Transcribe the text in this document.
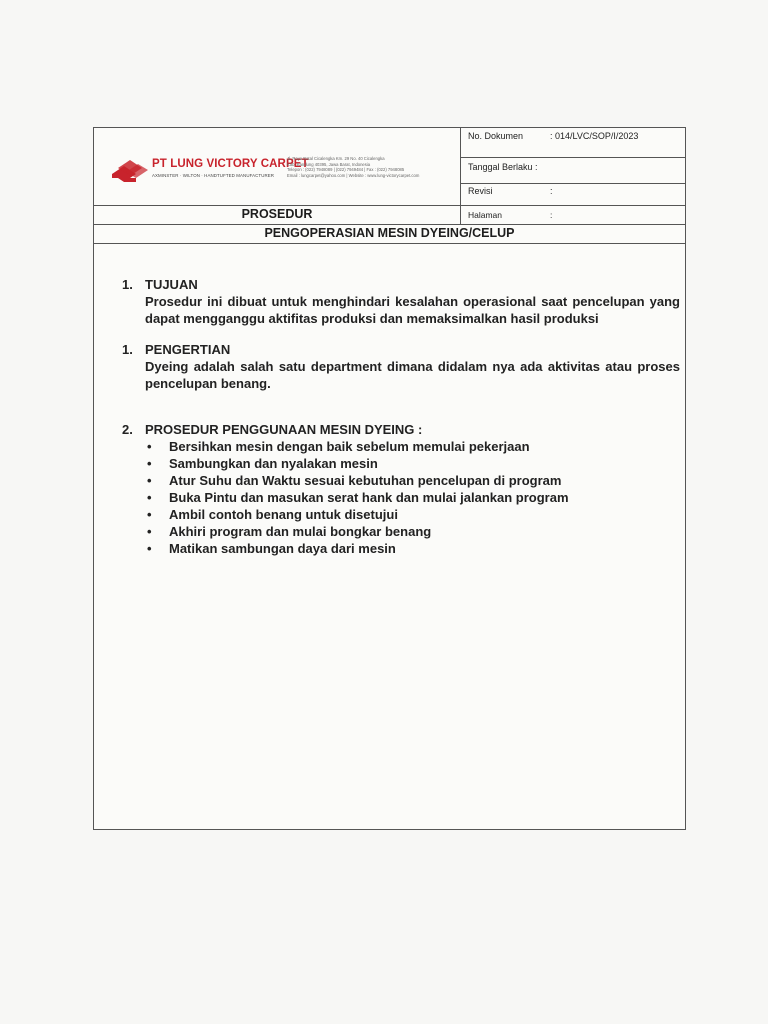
PT LUNG VICTORY CARPET
AXMINSTER · WILTON · HANDTUFTED MANUFACTURER
Jl. Raya Batal Cicalengka Km. 29 No. 40 Cicalengka
Kab. Bandung 40395, Jawa Barat, Indonesia
Telepon : (022) 7948089 | (022) 7949484 | Fax : (022) 7948085
Email : lungcarpet@yahoo.com | Website : www.lung-victorycarpet.com
No. Dokumen	: 014/LVC/SOP/I/2023
Tanggal Berlaku :
Revisi	:
Halaman	:
PROSEDUR
PENGOPERASIAN MESIN DYEING/CELUP
1. TUJUAN
Prosedur ini dibuat untuk menghindari kesalahan operasional saat pencelupan yang dapat mengganggu aktifitas produksi dan memaksimalkan hasil produksi
1. PENGERTIAN
Dyeing adalah salah satu department dimana didalam nya ada aktivitas atau proses pencelupan benang.
2. PROSEDUR PENGGUNAAN MESIN DYEING :
• Bersihkan mesin dengan baik sebelum memulai pekerjaan
• Sambungkan dan nyalakan mesin
• Atur Suhu dan Waktu sesuai kebutuhan pencelupan di program
• Buka Pintu dan masukan serat hank dan mulai jalankan program
• Ambil contoh benang untuk disetujui
• Akhiri program dan mulai bongkar benang
• Matikan sambungan daya dari mesin
